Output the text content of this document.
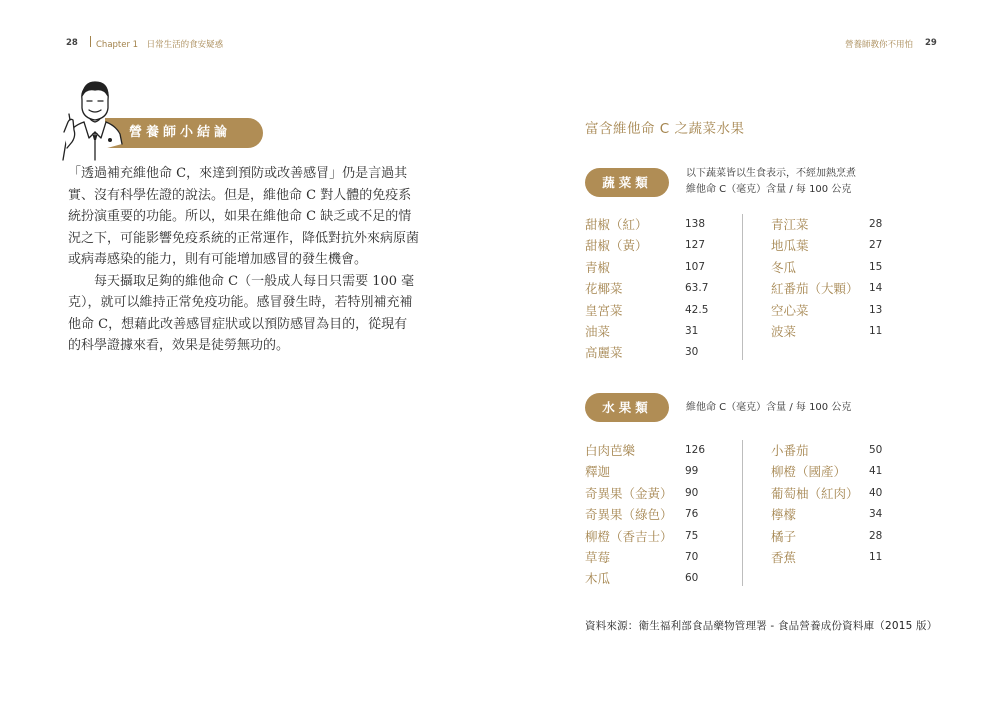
28 Chapter 1　日常生活的食安疑惑	營養師教你不用怕 29
營養師小結論

「透過補充維他命 C，來達到預防或改善感冒」仍是言過其實、沒有科學佐證的說法。但是，維他命 C 對人體的免疫系統扮演重要的功能。所以，如果在維他命 C 缺乏或不足的情況之下，可能影響免疫系統的正常運作，降低對抗外來病原菌或病毒感染的能力，則有可能增加感冒的發生機會。

每天攝取足夠的維他命 C（一般成人每日只需要 100 毫克），就可以維持正常免疫功能。感冒發生時，若特別補充補他命 C，想藉此改善感冒症狀或以預防感冒為目的，從現有的科學證據來看，效果是徒勞無功的。

富含維他命 C 之蔬菜水果
蔬菜類
以下蔬菜皆以生食表示，不經加熱烹煮
維他命 C（毫克）含量 / 每 100 公克
甜椒（紅）	138
甜椒（黃）	127
青椒	107
花椰菜	63.7
皇宮菜	42.5
油菜	31
高麗菜	30
青江菜	28
地瓜葉	27
冬瓜	15
紅番茄（大顆） 14
空心菜	13
波菜	11
水果類	維他命 C（毫克）含量 / 每 100 公克
白肉芭樂	126
釋迦	99
奇異果（金黃） 90
奇異果（綠色） 76
柳橙（香吉士） 75
草莓	70
木瓜	60
小番茄	50
柳橙（國產） 41
葡萄柚（紅肉） 40
檸檬	34
橘子	28
香蕉	11
資料來源：衛生福利部食品藥物管理署 - 食品營養成份資料庫（2015 版）
